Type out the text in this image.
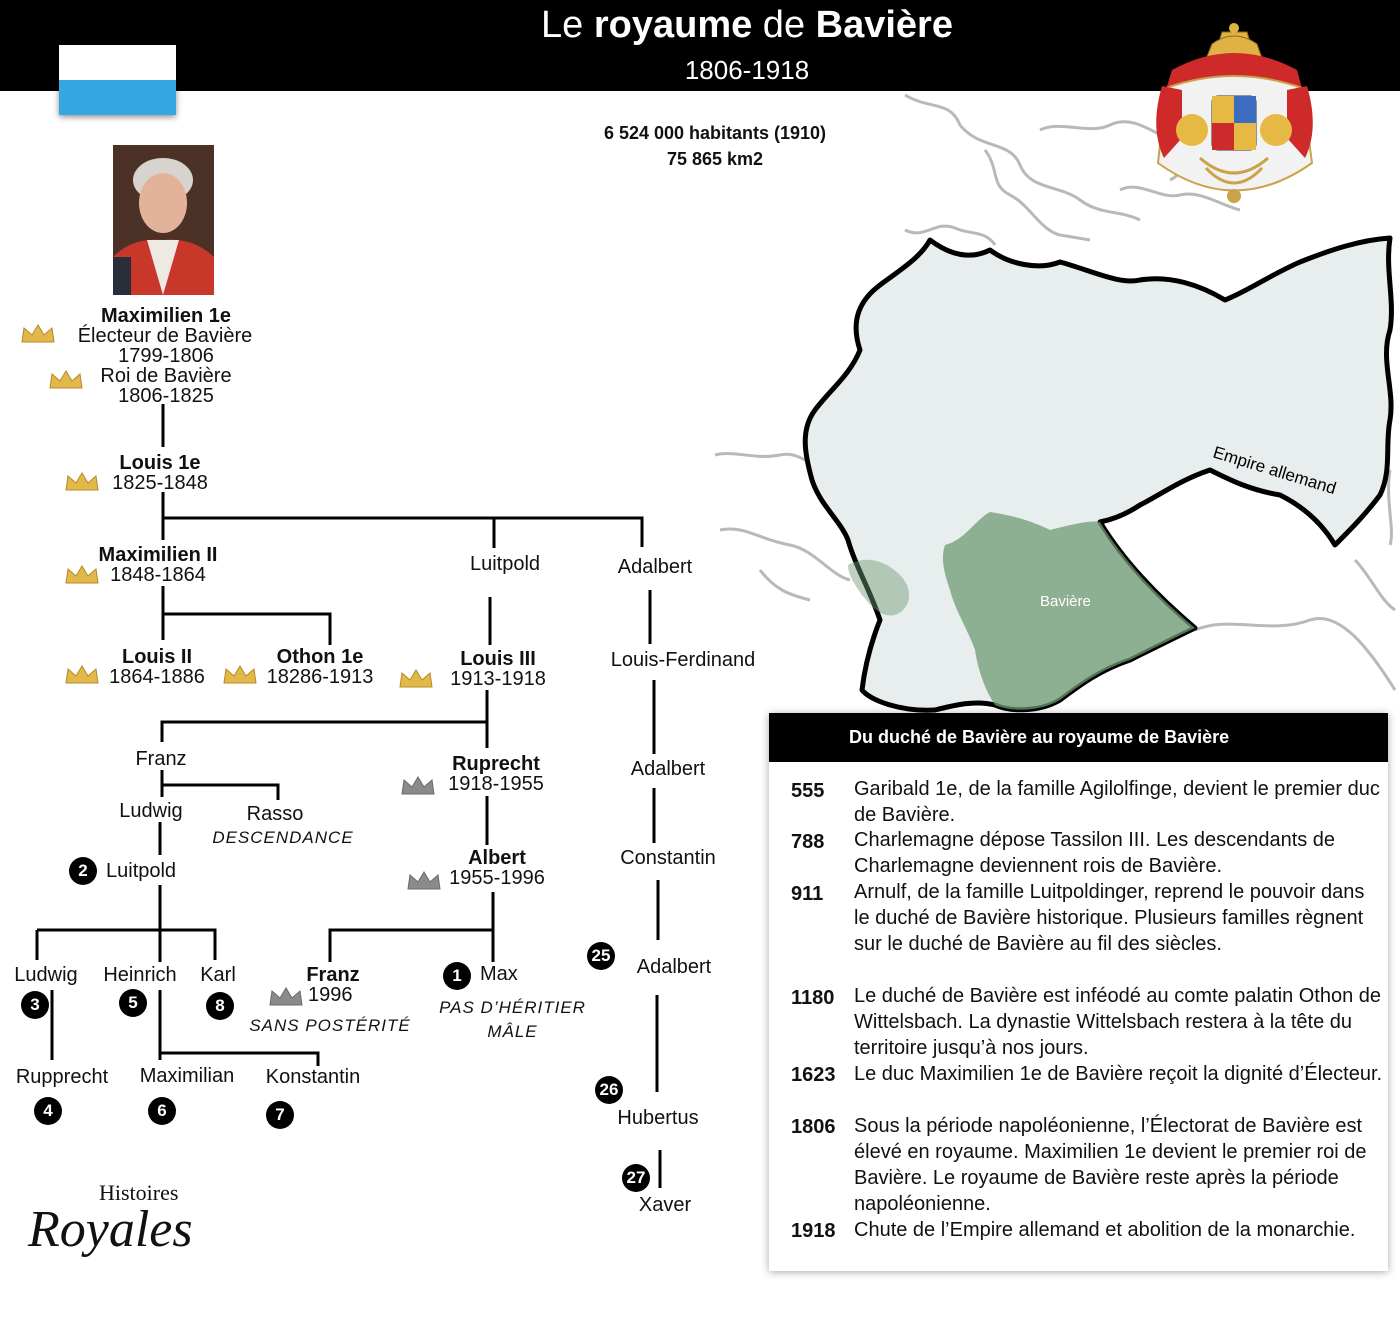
Le royaume de Bavière
1806-1918
Empire allemand
Bavière
6 524 000 habitants (1910)
75 865 km2
Maximilien 1e
Électeur de Bavière
1799-1806
Roi de Bavière
1806-1825
Louis 1e
1825-1848
Maximilien II
1848-1864	Luitpold	Adalbert
Louis II
1864-1886
Othon 1e
18286-1913
Louis III
1913-1918
Louis-Ferdinand
Franz
Ludwig	Rasso
DESCENDANCE
2 Luitpold
Ruprecht
1918-1955
Albert
1955-1996
Adalbert
Constantin
25
Adalbert
Ludwig	Heinrich	Karl
3	5	8
Franz
1996
SANS POSTÉRITÉ
1 Max
PAS D’HÉRITIER
MÂLE
Rupprecht	Maximilian	Konstantin
4	6	7
26
Hubertus
27
Xaver
Du duché de Bavière au royaume de Bavière
555 Garibald 1e, de la famille Agilolfinge, devient le premier duc de Bavière.
788 Charlemagne dépose Tassilon III. Les descendants de Charlemagne deviennent rois de Bavière.
911 Arnulf, de la famille Luitpoldinger, reprend le pouvoir dans le duché de Bavière historique. Plusieurs familles règnent sur le duché de Bavière au fil des siècles.
1180 Le duché de Bavière est inféodé au comte palatin Othon de Wittelsbach. La dynastie Wittelsbach restera à la tête du territoire jusqu’à nos jours.
1623 Le duc Maximilien 1e de Bavière reçoit la dignité d’Électeur.
1806 Sous la période napoléonienne, l’Électorat de Bavière est élevé en royaume. Maximilien 1e devient le premier roi de Bavière. Le royaume de Bavière reste après la période napoléonienne.
1918 Chute de l’Empire allemand et abolition de la monarchie.
Histoires
Royales
